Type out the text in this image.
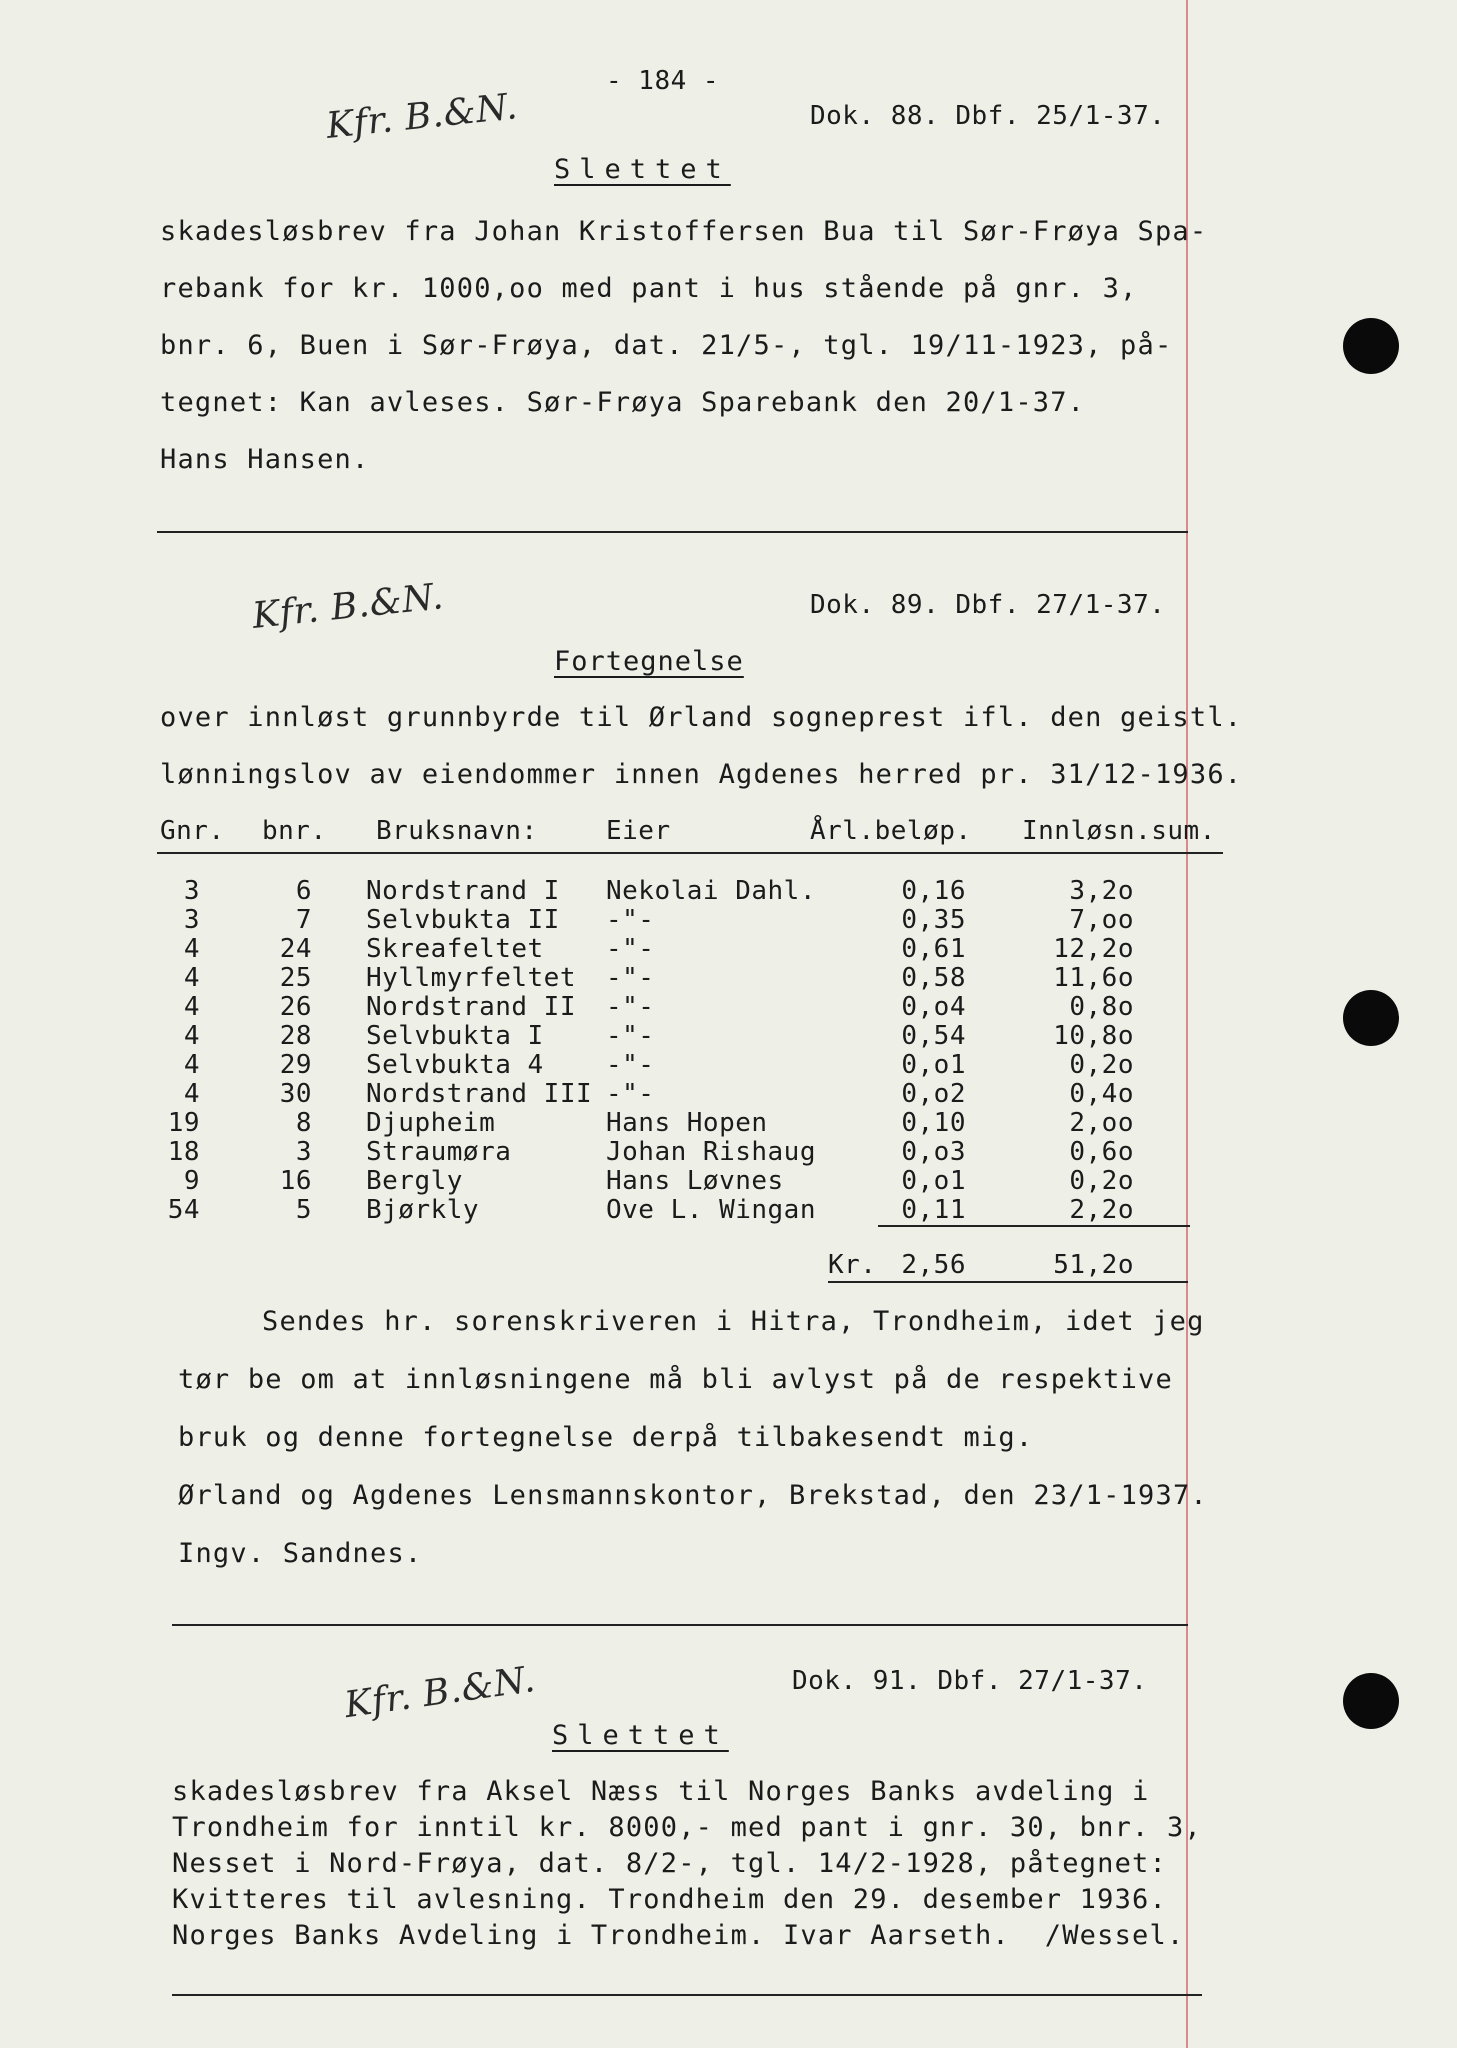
- 184 -
Kfr. B.&N.	Dok. 88. Dbf. 25/1-37.
Slettet
skadesløsbrev fra Johan Kristoffersen Bua til Sør-Frøya Spa-
rebank for kr. 1000,oo med pant i hus stående på gnr. 3,
bnr. 6, Buen i Sør-Frøya, dat. 21/5-, tgl. 19/11-1923, på-
tegnet: Kan avleses. Sør-Frøya Sparebank den 20/1-37.
Hans Hansen.
Kfr. B.&N.	Dok. 89. Dbf. 27/1-37.
Fortegnelse
over innløst grunnbyrde til Ørland sogneprest ifl. den geistl.
lønningslov av eiendommer innen Agdenes herred pr. 31/12-1936.
Gnr. bnr. Bruksnavn:	Eier	Årl.beløp. Innløsn.sum.
3	6 Nordstrand I Nekolai Dahl.	0,16	3,2o
3	7 Selvbukta II -"-	0,35	7,oo
4	24 Skreafeltet -"-	0,61	12,2o
4	25 Hyllmyrfeltet -"-	0,58	11,6o
4	26 Nordstrand II -"-	0,o4	0,8o
4	28 Selvbukta I -"-	0,54	10,8o
4	29 Selvbukta 4 -"-	0,o1	0,2o
4	30 Nordstrand III -"-	0,o2	0,4o
19	8 Djupheim	Hans Hopen	0,10	2,oo
18	3 Straumøra	Johan Rishaug	0,o3	0,6o
9	16 Bergly	Hans Løvnes	0,o1	0,2o
54	5 Bjørkly	Ove L. Wingan	0,11	2,2o
Kr. 2,56	51,2o
Sendes hr. sorenskriveren i Hitra, Trondheim, idet jeg
tør be om at innløsningene må bli avlyst på de respektive
bruk og denne fortegnelse derpå tilbakesendt mig.
Ørland og Agdenes Lensmannskontor, Brekstad, den 23/1-1937.
Ingv. Sandnes.
Kfr. B.&N.	Dok. 91. Dbf. 27/1-37.
Slettet
skadesløsbrev fra Aksel Næss til Norges Banks avdeling i
Trondheim for inntil kr. 8000,- med pant i gnr. 30, bnr. 3,
Nesset i Nord-Frøya, dat. 8/2-, tgl. 14/2-1928, påtegnet:
Kvitteres til avlesning. Trondheim den 29. desember 1936.
Norges Banks Avdeling i Trondheim. Ivar Aarseth.  /Wessel.
